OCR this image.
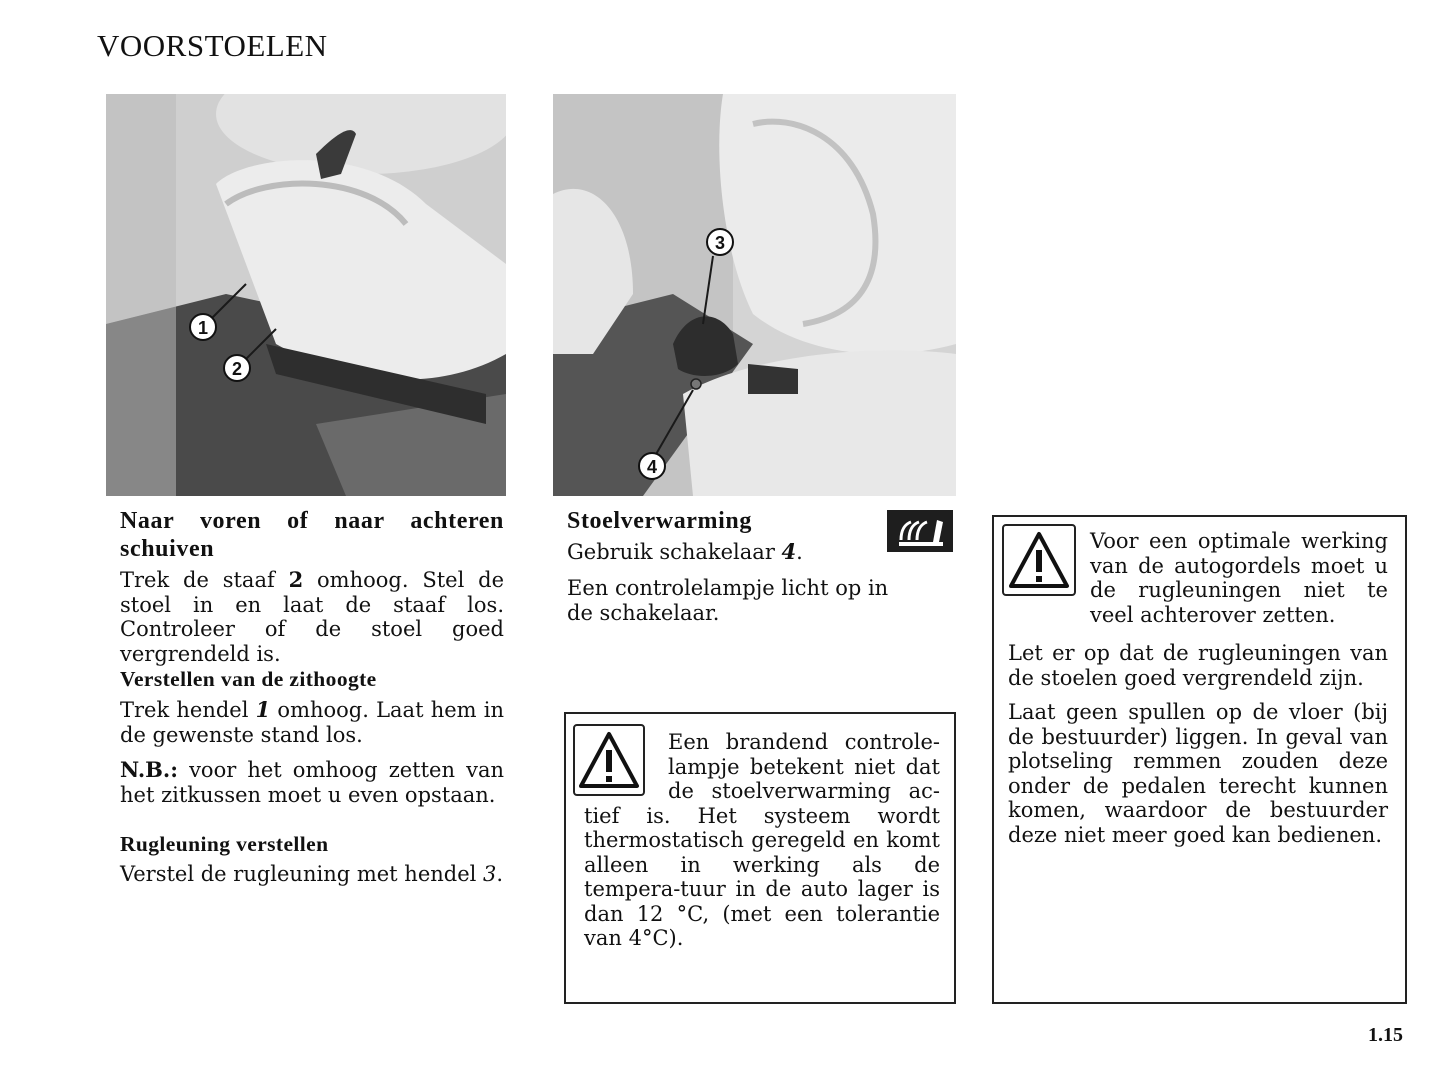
VOORSTOELEN
1
2
3
4
Naar voren of naar achteren schuiven
Trek de staaf 2 omhoog. Stel de stoel in en laat de staaf los. Controleer of de stoel goed vergrendeld is.
Verstellen van de zithoogte
Trek hendel 1 omhoog. Laat hem in de gewenste stand los.
N.B.: voor het omhoog zetten van het zitkussen moet u even opstaan.
Rugleuning verstellen
Verstel de rugleuning met hendel 3.
Stoelverwarming
Gebruik schakelaar 4.
Een controlelampje licht op in de schakelaar.
Een brandend controle-lampje betekent niet dat de stoelverwarming ac-tief is. Het systeem wordt thermostatisch geregeld en komt alleen in werking als de tempera-tuur in de auto lager is dan 12 °C, (met een tolerantie van 4°C).
Voor een optimale werking van de autogordels moet u de rugleuningen niet te veel achterover zetten.
Let er op dat de rugleuningen van de stoelen goed vergrendeld zijn.
Laat geen spullen op de vloer (bij de bestuurder) liggen. In geval van plotseling remmen zouden deze onder de pedalen terecht kunnen komen, waardoor de bestuurder deze niet meer goed kan bedienen.
1.15
